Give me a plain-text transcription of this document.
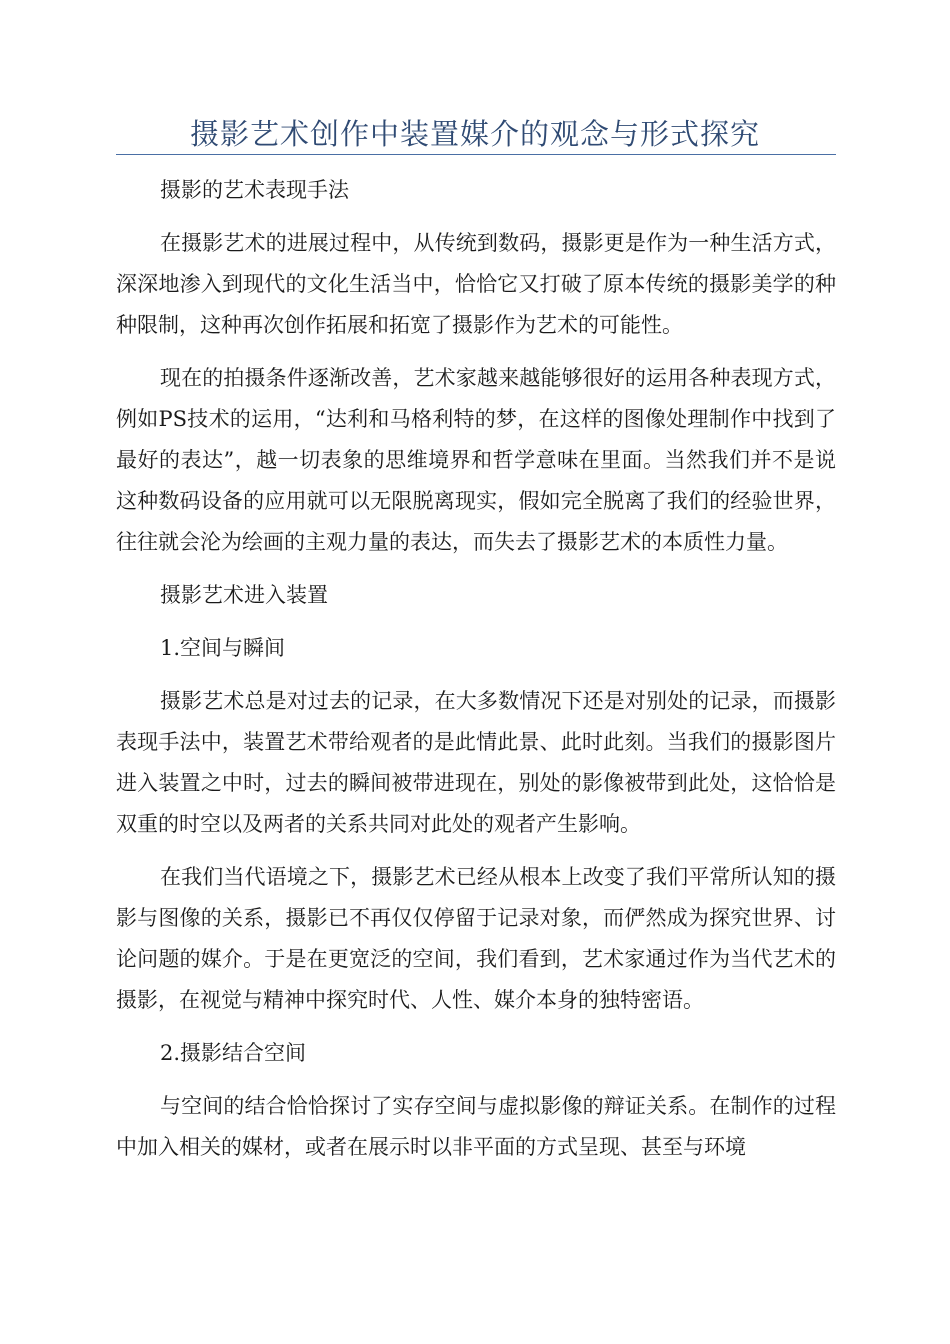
摄影艺术创作中装置媒介的观念与形式探究

摄影的艺术表现手法

在摄影艺术的进展过程中，从传统到数码，摄影更是作为一种生活方式，深深地渗入到现代的文化生活当中，恰恰它又打破了原本传统的摄影美学的种种限制，这种再次创作拓展和拓宽了摄影作为艺术的可能性。

现在的拍摄条件逐渐改善，艺术家越来越能够很好的运用各种表现方式，例如PS技术的运用，“达利和马格利特的梦，在这样的图像处理制作中找到了最好的表达”，越一切表象的思维境界和哲学意味在里面。当然我们并不是说这种数码设备的应用就可以无限脱离现实，假如完全脱离了我们的经验世界，往往就会沦为绘画的主观力量的表达，而失去了摄影艺术的本质性力量。

摄影艺术进入装置

1.空间与瞬间

摄影艺术总是对过去的记录，在大多数情况下还是对别处的记录，而摄影表现手法中，装置艺术带给观者的是此情此景、此时此刻。当我们的摄影图片进入装置之中时，过去的瞬间被带进现在，别处的影像被带到此处，这恰恰是双重的时空以及两者的关系共同对此处的观者产生影响。

在我们当代语境之下，摄影艺术已经从根本上改变了我们平常所认知的摄影与图像的关系，摄影已不再仅仅停留于记录对象，而俨然成为探究世界、讨论问题的媒介。于是在更宽泛的空间，我们看到，艺术家通过作为当代艺术的摄影，在视觉与精神中探究时代、人性、媒介本身的独特密语。

2.摄影结合空间

与空间的结合恰恰探讨了实存空间与虚拟影像的辩证关系。在制作的过程中加入相关的媒材，或者在展示时以非平面的方式呈现、甚至与环境
